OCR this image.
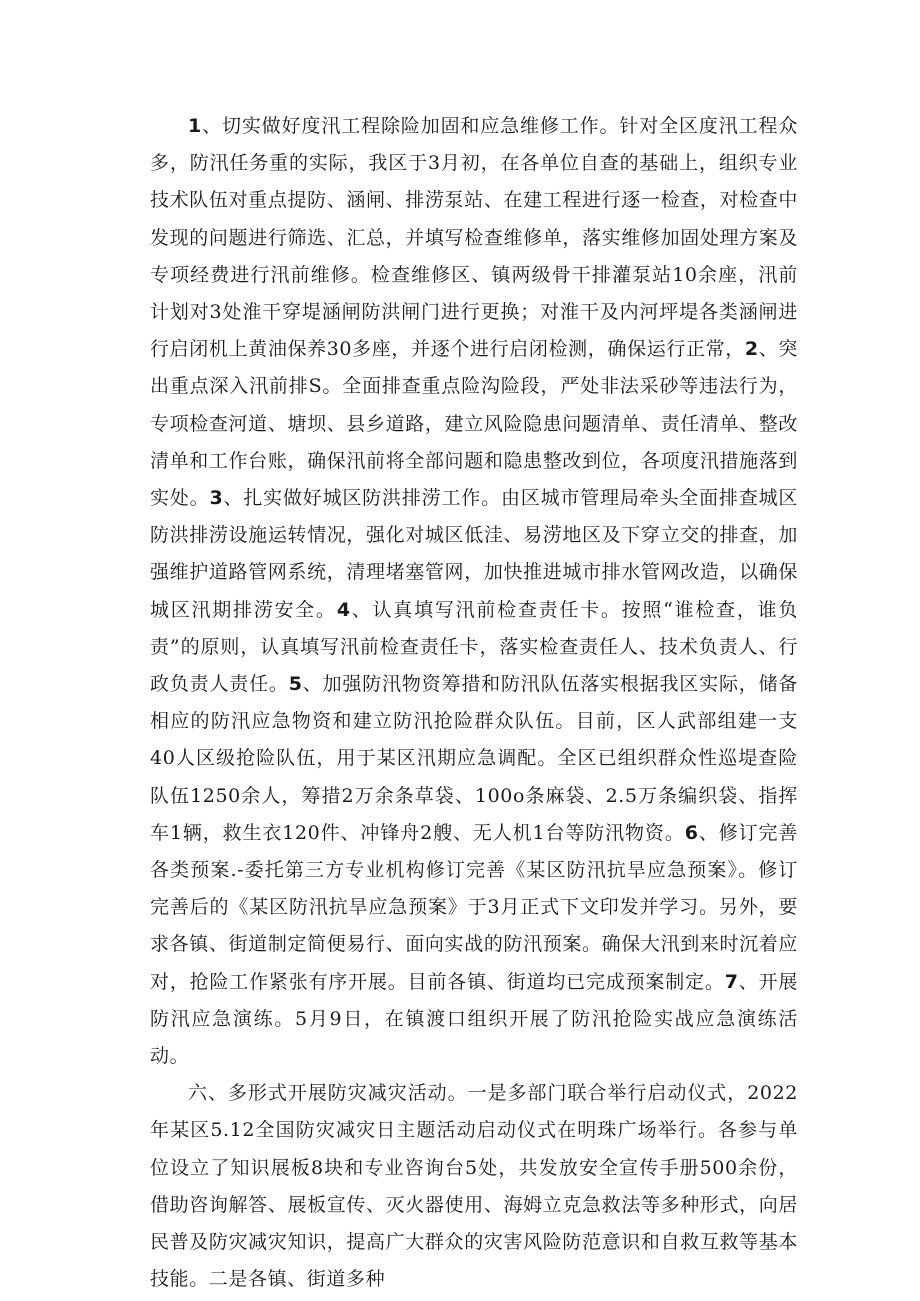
1、切实做好度汛工程除险加固和应急维修工作。针对全区度汛工程众多，防汛任务重的实际，我区于3月初，在各单位自查的基础上，组织专业技术队伍对重点提防、涵闸、排涝泵站、在建工程进行逐一检查，对检查中发现的问题进行筛选、汇总，并填写检查维修单，落实维修加固处理方案及专项经费进行汛前维修。检查维修区、镇两级骨干排灌泵站10余座，汛前计划对3处淮干穿堤涵闸防洪闸门进行更换；对淮干及内河坪堤各类涵闸进行启闭机上黄油保养30多座，并逐个进行启闭检测，确保运行正常，2、突出重点深入汛前排S。全面排查重点险沟险段，严处非法采砂等违法行为，专项检查河道、塘坝、县乡道路，建立风险隐患问题清单、责任清单、整改清单和工作台账，确保汛前将全部问题和隐患整改到位，各项度汛措施落到实处。3、扎实做好城区防洪排涝工作。由区城市管理局牵头全面排查城区防洪排涝设施运转情况，强化对城区低洼、易涝地区及下穿立交的排查，加强维护道路管网系统，清理堵塞管网，加快推进城市排水管网改造，以确保城区汛期排涝安全。4、认真填写汛前检查责任卡。按照“谁检查，谁负责”的原则，认真填写汛前检查责任卡，落实检查责任人、技术负责人、行政负责人责任。5、加强防汛物资筹措和防汛队伍落实根据我区实际，储备相应的防汛应急物资和建立防汛抢险群众队伍。目前，区人武部组建一支40人区级抢险队伍，用于某区汛期应急调配。全区已组织群众性巡堤查险队伍1250余人，筹措2万余条草袋、100o条麻袋、2.5万条编织袋、指挥车1辆，救生衣120件、冲锋舟2艘、无人机1台等防汛物资。6、修订完善各类预案.-委托第三方专业机构修订完善《某区防汛抗旱应急预案》。修订完善后的《某区防汛抗旱应急预案》于3月正式下文印发并学习。另外，要求各镇、街道制定简便易行、面向实战的防汛预案。确保大汛到来时沉着应对，抢险工作紧张有序开展。目前各镇、街道均已完成预案制定。7、开展防汛应急演练。5月9日，在镇渡口组织开展了防汛抢险实战应急演练活动。

六、多形式开展防灾减灾活动。一是多部门联合举行启动仪式，2022年某区5.12全国防灾减灾日主题活动启动仪式在明珠广场举行。各参与单位设立了知识展板8块和专业咨询台5处，共发放安全宣传手册500余份，借助咨询解答、展板宣传、灭火器使用、海姆立克急救法等多种形式，向居民普及防灾减灾知识，提高广大群众的灾害风险防范意识和自救互救等基本技能。二是各镇、街道多种
